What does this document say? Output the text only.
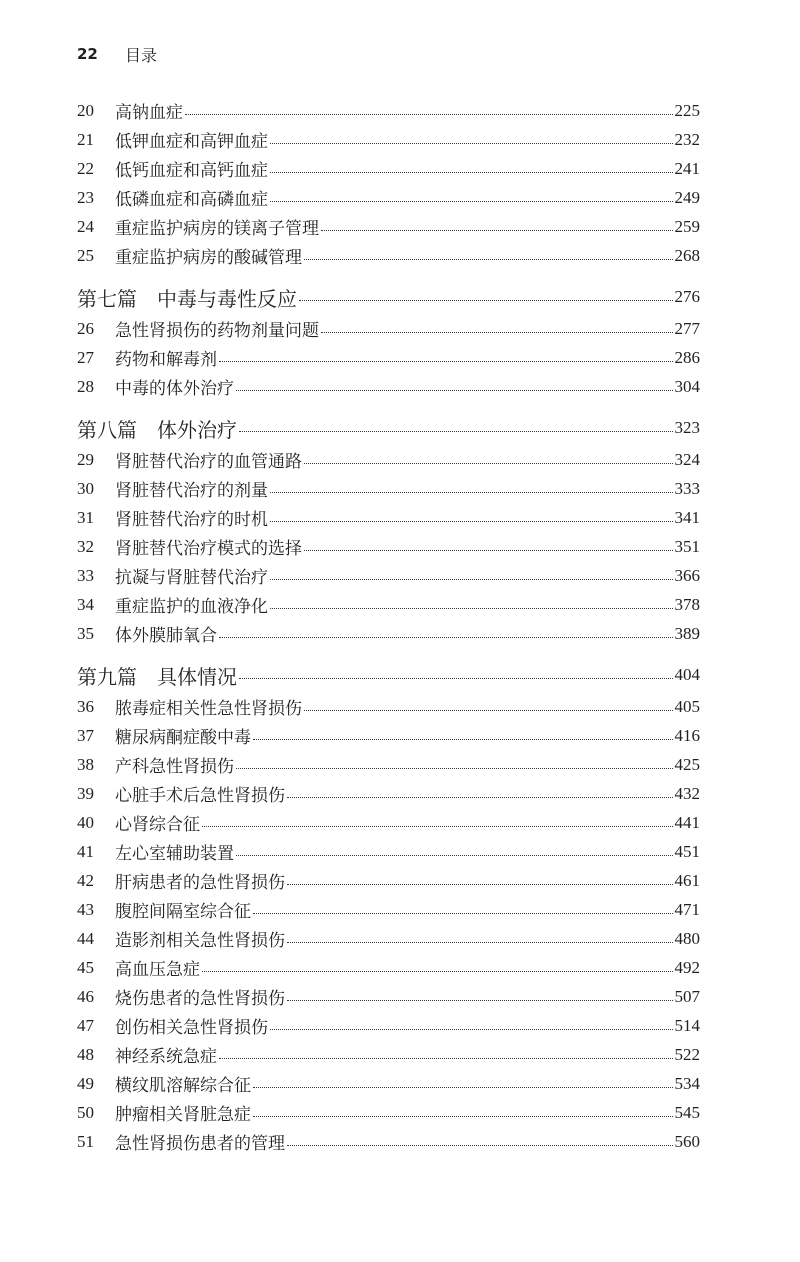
22	目录
20	高钠血症	225
21	低钾血症和高钾血症	232
22	低钙血症和高钙血症	241
23	低磷血症和高磷血症	249
24	重症监护病房的镁离子管理	259
25	重症监护病房的酸碱管理	268
第七篇 中毒与毒性反应	276
26	急性肾损伤的药物剂量问题	277
27	药物和解毒剂	286
28	中毒的体外治疗	304
第八篇 体外治疗	323
29	肾脏替代治疗的血管通路	324
30	肾脏替代治疗的剂量	333
31	肾脏替代治疗的时机	341
32	肾脏替代治疗模式的选择	351
33	抗凝与肾脏替代治疗	366
34	重症监护的血液净化	378
35	体外膜肺氧合	389
第九篇 具体情况	404
36	脓毒症相关性急性肾损伤	405
37	糖尿病酮症酸中毒	416
38	产科急性肾损伤	425
39	心脏手术后急性肾损伤	432
40	心肾综合征	441
41	左心室辅助装置	451
42	肝病患者的急性肾损伤	461
43	腹腔间隔室综合征	471
44	造影剂相关急性肾损伤	480
45	高血压急症	492
46	烧伤患者的急性肾损伤	507
47	创伤相关急性肾损伤	514
48	神经系统急症	522
49	横纹肌溶解综合征	534
50	肿瘤相关肾脏急症	545
51	急性肾损伤患者的管理	560
